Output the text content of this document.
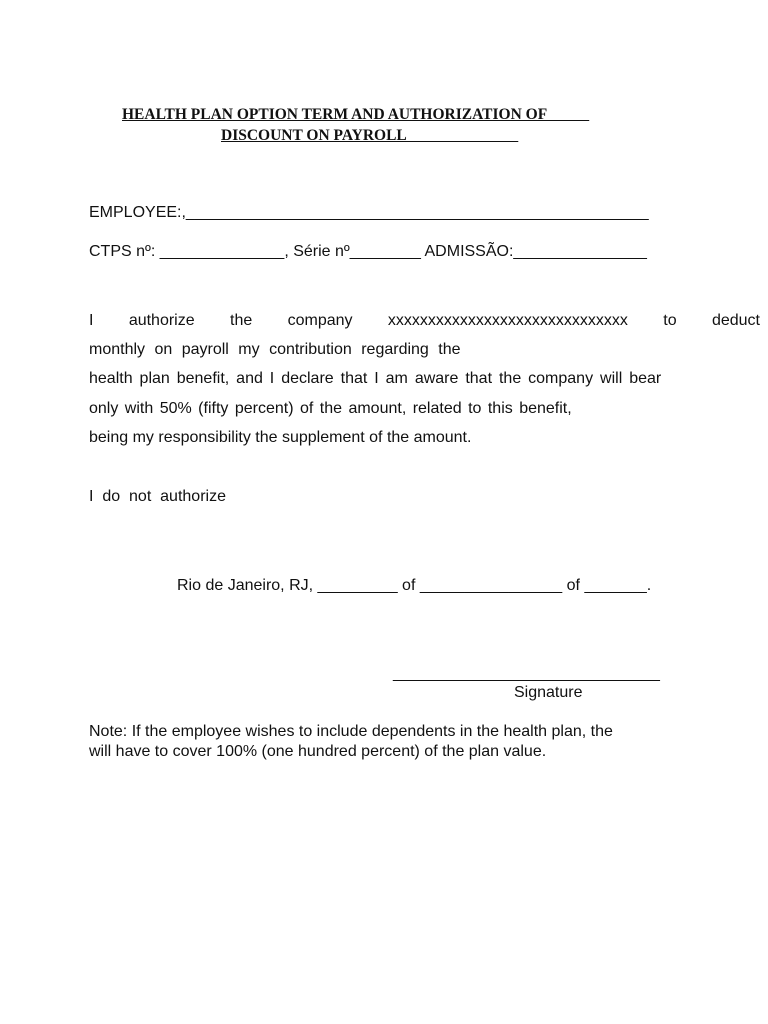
HEALTH PLAN OPTION TERM AND AUTHORIZATION OF
DISCOUNT ON PAYROLL
EMPLOYEE:,____________________________________________________
CTPS nº: ______________, Série nº________ ADMISSÃO:_______________
I authorize the company xxxxxxxxxxxxxxxxxxxxxxxxxxxxxx to deduct
monthly on payroll my contribution regarding the
health plan benefit, and I declare that I am aware that the company will bear
only with 50% (fifty percent) of the amount, related to this benefit,
being my responsibility the supplement of the amount.
I  do  not  authorize
Rio de Janeiro, RJ, _________ of ________________ of _______.
______________________________
Signature
Note: If the employee wishes to include dependents in the health plan, the
will have to cover 100% (one hundred percent) of the plan value.
